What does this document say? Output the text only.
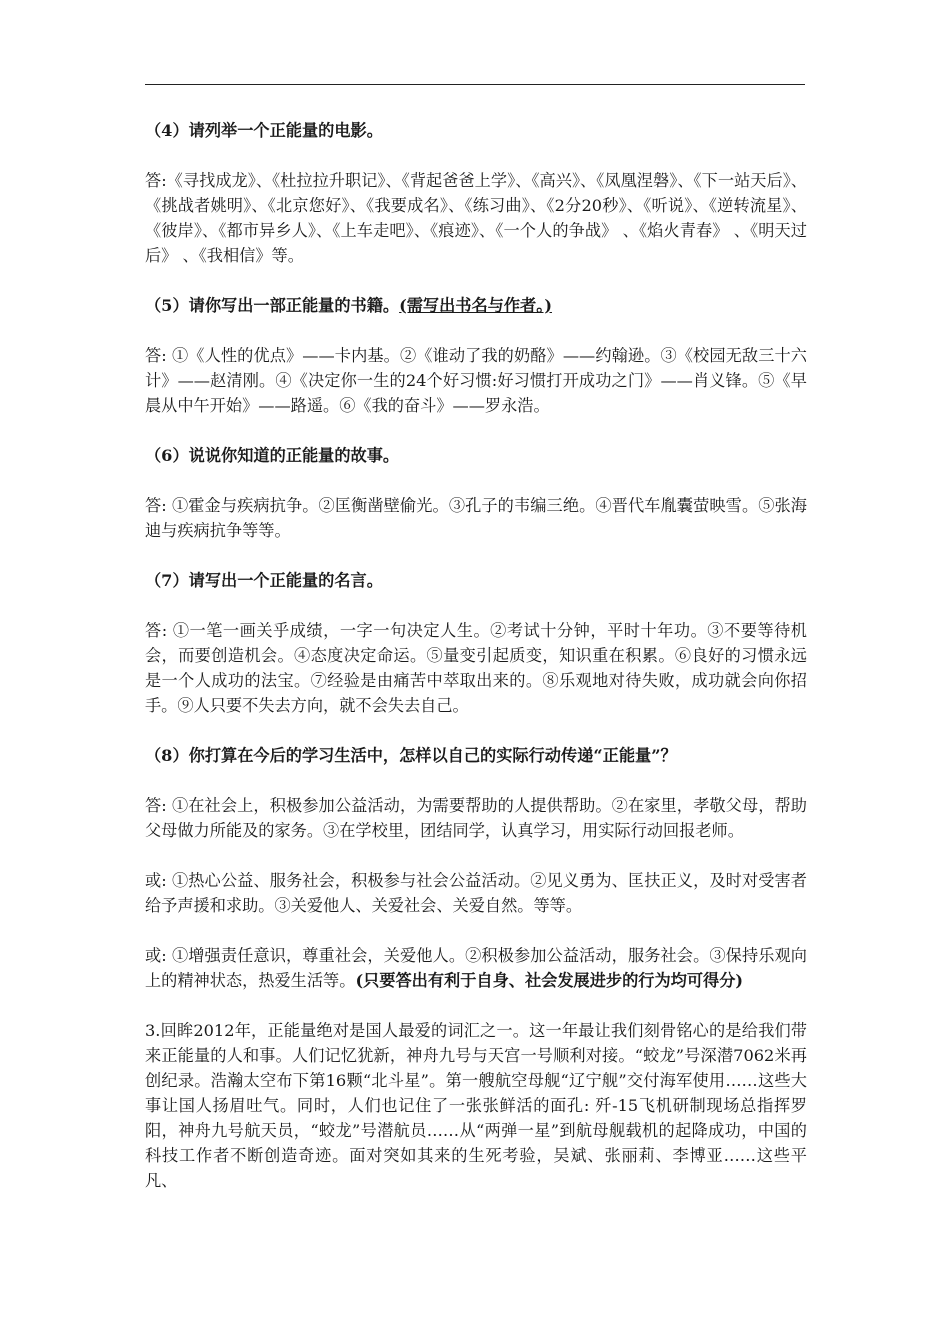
（4）请列举一个正能量的电影。

答:《寻找成龙》、《杜拉拉升职记》、《背起爸爸上学》、《高兴》、《凤凰涅磐》、《下一站天后》、《挑战者姚明》、《北京您好》、《我要成名》、《练习曲》、《2分20秒》、《听说》、《逆转流星》、《彼岸》、《都市异乡人》、《上车走吧》、《痕迹》、《一个人的争战》 、《焰火青春》 、《明天过后》 、《我相信》等。

（5）请你写出一部正能量的书籍。(需写出书名与作者。)

答: ①《人性的优点》——卡内基。②《谁动了我的奶酪》——约翰逊。③《校园无敌三十六计》——赵清刚。④《决定你一生的24个好习惯:好习惯打开成功之门》——肖义锋。⑤《早晨从中午开始》——路遥。⑥《我的奋斗》——罗永浩。

（6）说说你知道的正能量的故事。

答: ①霍金与疾病抗争。②匡衡凿壁偷光。③孔子的韦编三绝。④晋代车胤囊萤映雪。⑤张海迪与疾病抗争等等。

（7）请写出一个正能量的名言。

答: ①一笔一画关乎成绩，一字一句决定人生。②考试十分钟，平时十年功。③不要等待机会，而要创造机会。④态度决定命运。⑤量变引起质变，知识重在积累。⑥良好的习惯永远是一个人成功的法宝。⑦经验是由痛苦中萃取出来的。⑧乐观地对待失败，成功就会向你招手。⑨人只要不失去方向，就不会失去自己。

（8）你打算在今后的学习生活中，怎样以自己的实际行动传递“正能量”？

答: ①在社会上，积极参加公益活动，为需要帮助的人提供帮助。②在家里，孝敬父母，帮助父母做力所能及的家务。③在学校里，团结同学，认真学习，用实际行动回报老师。

或: ①热心公益、服务社会，积极参与社会公益活动。②见义勇为、匡扶正义，及时对受害者给予声援和求助。③关爱他人、关爱社会、关爱自然。等等。

或: ①增强责任意识，尊重社会，关爱他人。②积极参加公益活动，服务社会。③保持乐观向上的精神状态，热爱生活等。(只要答出有利于自身、社会发展进步的行为均可得分)

3.回眸2012年，正能量绝对是国人最爱的词汇之一。这一年最让我们刻骨铭心的是给我们带来正能量的人和事。人们记忆犹新，神舟九号与天宫一号顺利对接。“蛟龙”号深潜7062米再创纪录。浩瀚太空布下第16颗“北斗星”。第一艘航空母舰“辽宁舰”交付海军使用……这些大事让国人扬眉吐气。同时，人们也记住了一张张鲜活的面孔: 歼-15飞机研制现场总指挥罗阳，神舟九号航天员，“蛟龙”号潜航员……从“两弹一星”到航母舰载机的起降成功，中国的科技工作者不断创造奇迹。面对突如其来的生死考验，吴斌、张丽莉、李博亚……这些平凡、
